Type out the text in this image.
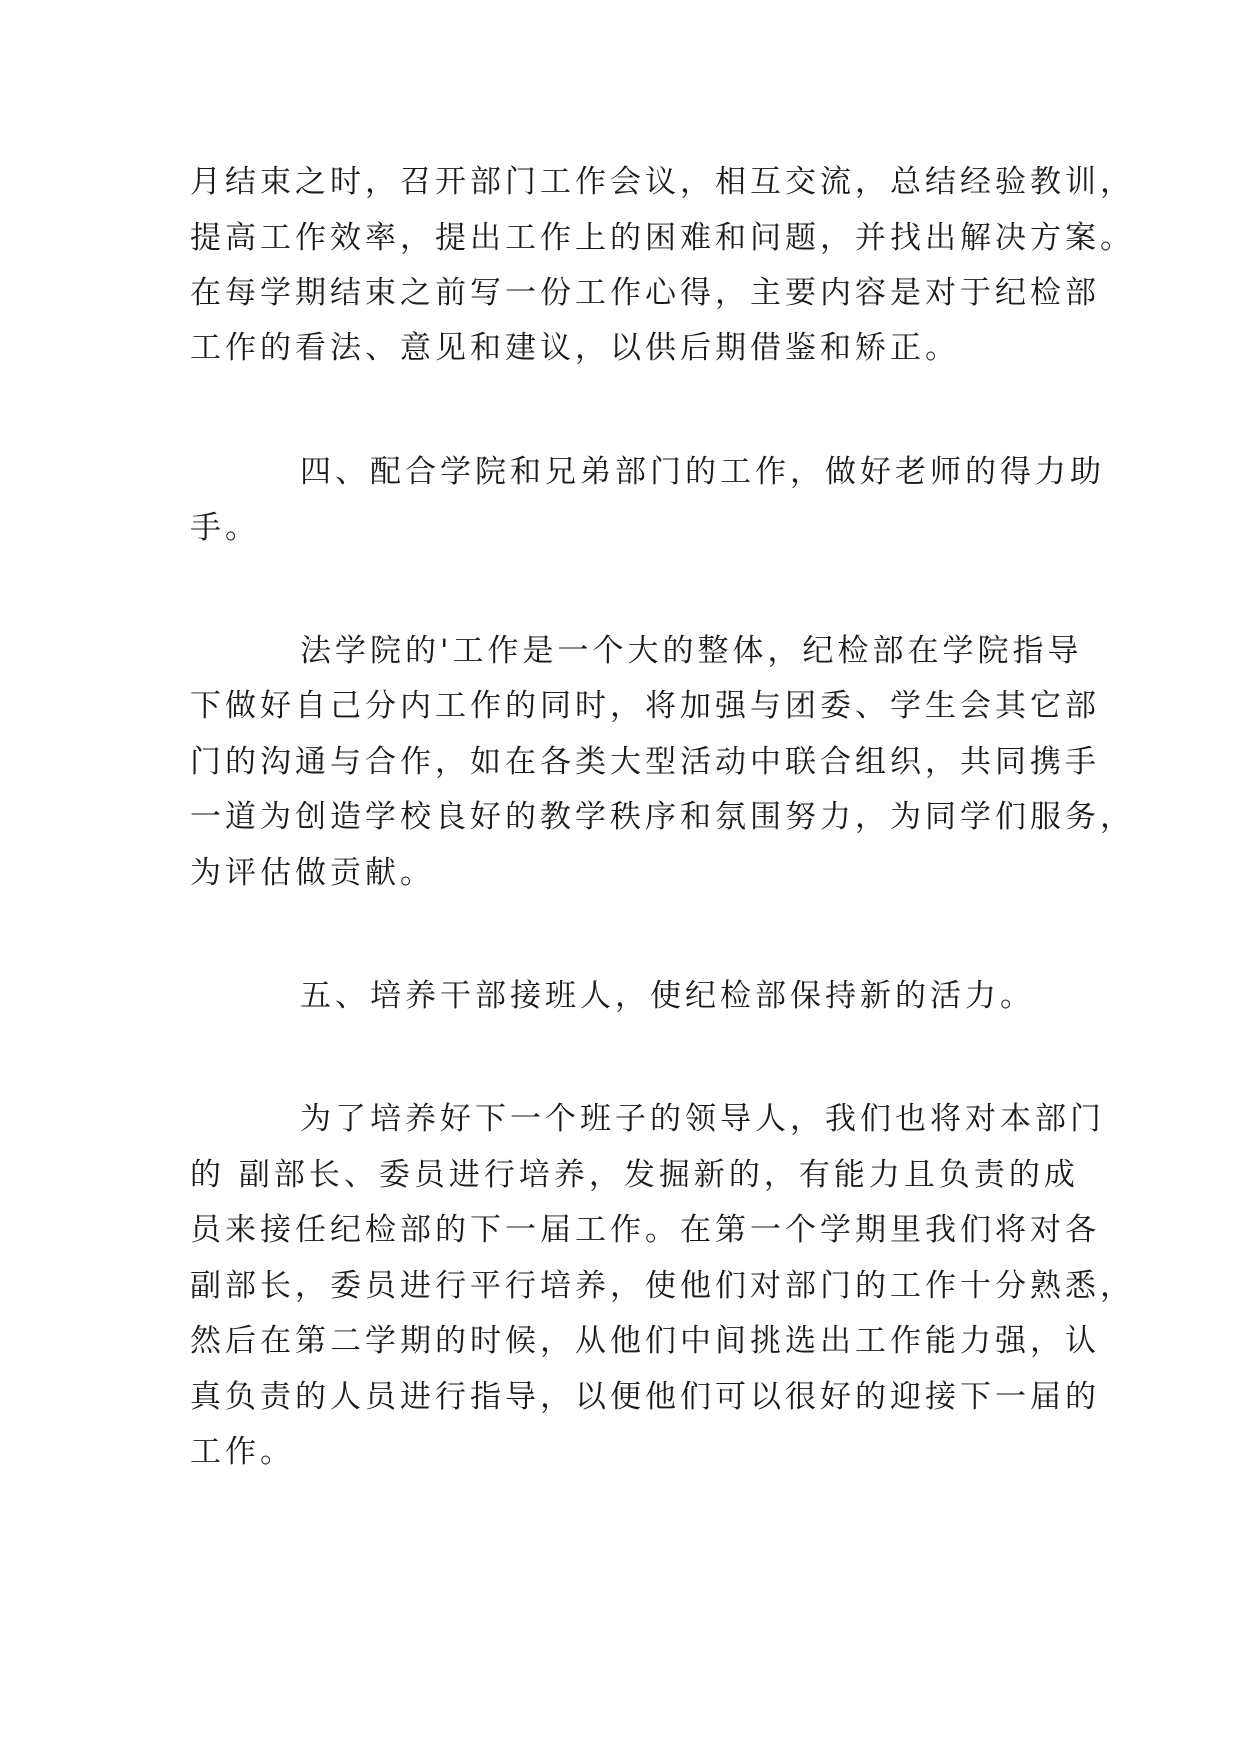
月结束之时，召开部门工作会议，相互交流，总结经验教训，
提高工作效率，提出工作上的困难和问题，并找出解决方案。
在每学期结束之前写一份工作心得，主要内容是对于纪检部
工作的看法、意见和建议，以供后期借鉴和矫正。
四、配合学院和兄弟部门的工作，做好老师的得力助
手。
法学院的'工作是一个大的整体，纪检部在学院指导
下做好自己分内工作的同时，将加强与团委、学生会其它部
门的沟通与合作，如在各类大型活动中联合组织，共同携手
一道为创造学校良好的教学秩序和氛围努力，为同学们服务，
为评估做贡献。
五、培养干部接班人，使纪检部保持新的活力。
为了培养好下一个班子的领导人，我们也将对本部门
的 副部长、委员进行培养，发掘新的，有能力且负责的成
员来接任纪检部的下一届工作。在第一个学期里我们将对各
副部长，委员进行平行培养，使他们对部门的工作十分熟悉，
然后在第二学期的时候，从他们中间挑选出工作能力强，认
真负责的人员进行指导，以便他们可以很好的迎接下一届的
工作。
